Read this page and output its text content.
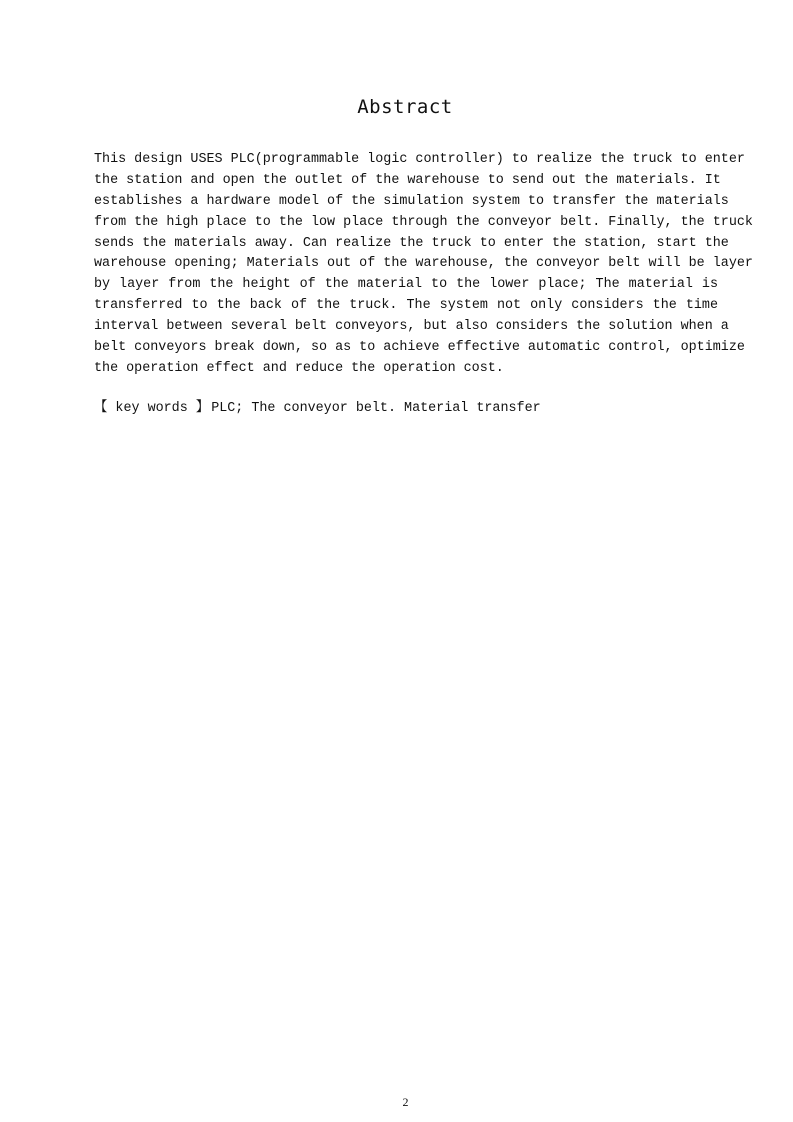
Abstract
This design USES PLC(programmable logic controller) to realize the truck to enter
the station and open the outlet of the warehouse to send out the materials. It
establishes a hardware model of the simulation system to transfer the materials
from the high place to the low place through the conveyor belt. Finally, the truck
sends the materials away. Can realize the truck to enter the station, start the
warehouse opening; Materials out of the warehouse, the conveyor belt will be layer
by layer from the height of the material to the lower place; The material is
transferred to the back of the truck. The system not only considers the time
interval between several belt conveyors, but also considers the solution when a
belt conveyors break down, so as to achieve effective automatic control, optimize
the operation effect and reduce the operation cost.
【 key words 】 PLC; The conveyor belt. Material transfer
2
